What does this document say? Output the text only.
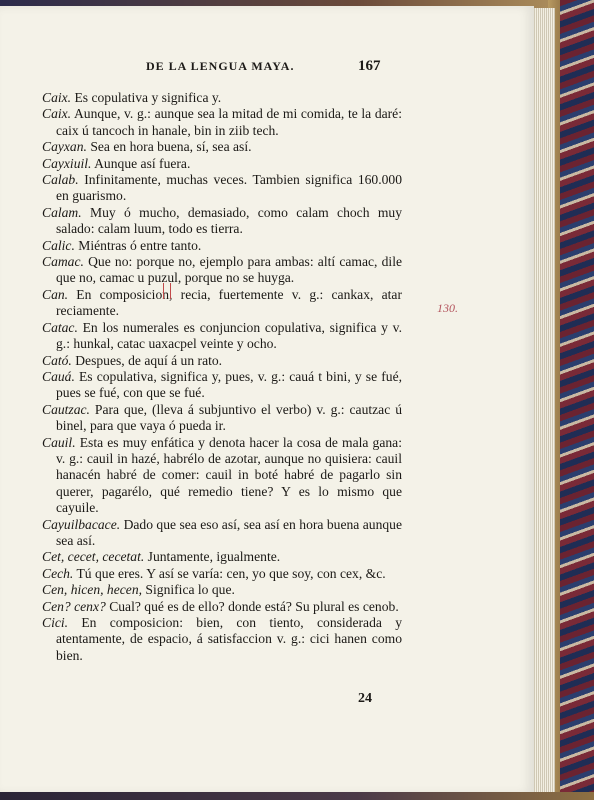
DE LA LENGUA MAYA.	167

Caix. Es copulativa y significa y.

Caix. Aunque, v. g.: aunque sea la mitad de mi comida, te la daré: caix ú tancoch in hanale, bin in ziib tech.

Cayxan. Sea en hora buena, sí, sea así.

Cayxiuil. Aunque así fuera.

Calab. Infinitamente, muchas veces. Tambien significa 160.000 en guarismo.

Calam. Muy ó mucho, demasiado, como calam choch muy salado: calam luum, todo es tierra.

Calic. Miéntras ó entre tanto.

Camac. Que no: porque no, ejemplo para ambas: altí camac, dile que no, camac u puzul, porque no se huyga.

Can. En composicion, recia, fuertemente v. g.: cankax, atar reciamente.

Catac. En los numerales es conjuncion copulativa, significa y v. g.: hunkal, catac uaxacpel veinte y ocho.

Cató. Despues, de aquí á un rato.

Cauá. Es copulativa, significa y, pues, v. g.: cauá t bini, y se fué, pues se fué, con que se fué.

Cautzac. Para que, (lleva á subjuntivo el verbo) v. g.: cautzac ú binel, para que vaya ó pueda ir.

Cauil. Esta es muy enfática y denota hacer la cosa de mala gana: v. g.: cauil in hazé, habrélo de azotar, aunque no quisiera: cauil hanacén habré de comer: cauil in boté habré de pagarlo sin querer, pagarélo, qué remedio tiene? Y es lo mismo que cayuile.

Cayuilbacace. Dado que sea eso así, sea así en hora buena aunque sea así.

Cet, cecet, cecetat. Juntamente, igualmente.

Cech. Tú que eres. Y así se varía: cen, yo que soy, con cex, &c.

Cen, hicen, hecen, Significa lo que.

Cen? cenx? Cual? qué es de ello? donde está? Su plural es cenob.

Cici. En composicion: bien, con tiento, considerada y atentamente, de espacio, á satisfaccion v. g.: cici hanen como bien.

130.
24
